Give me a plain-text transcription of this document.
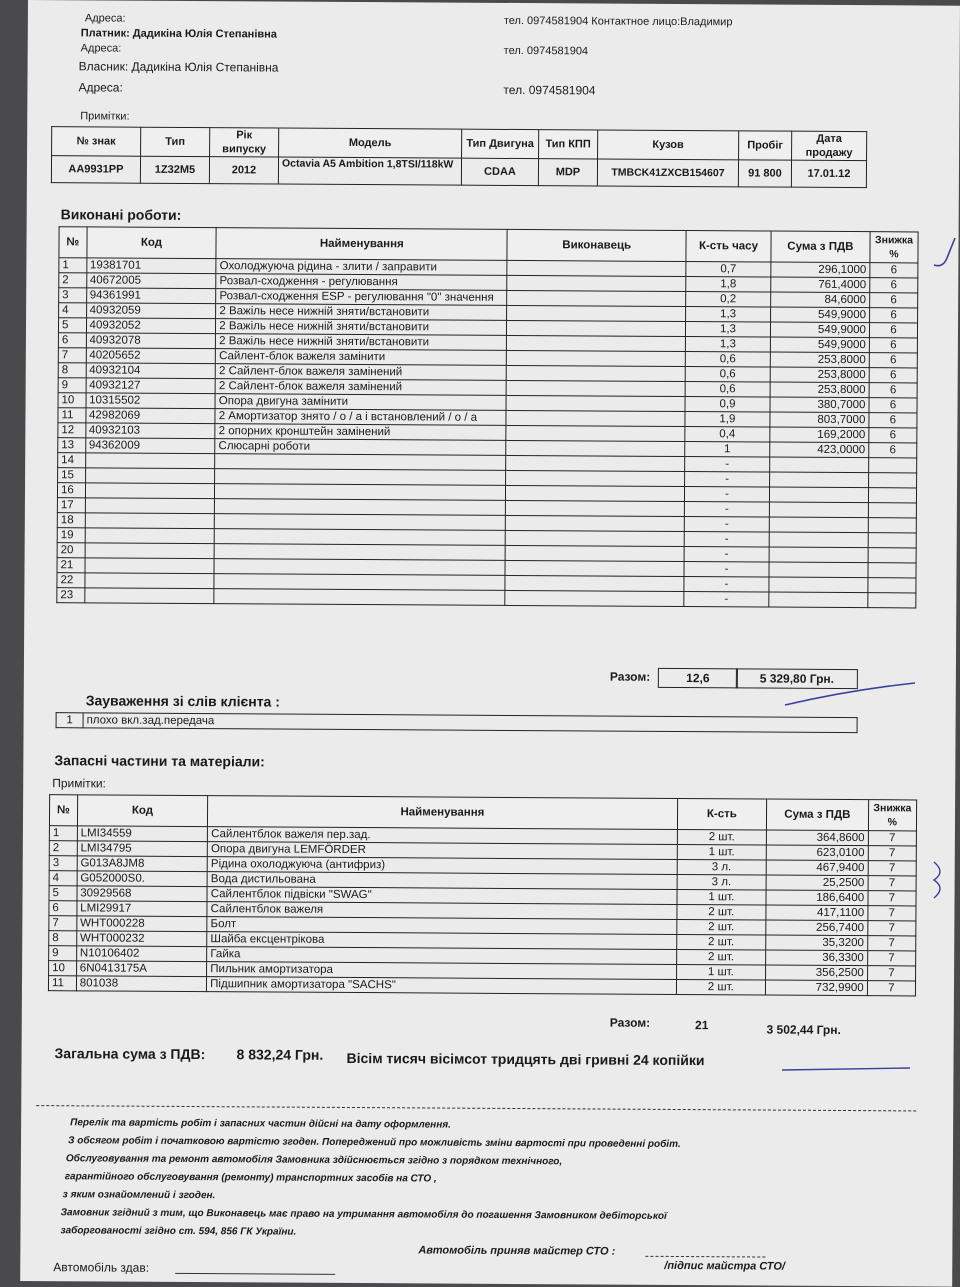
Адреса:	тел. 0974581904 Контактное лицо:Владимир
Платник: Дадикіна Юлія Степанівна
Адреса:	тел. 0974581904
Власник: Дадикіна Юлія Степанівна
Адреса:	тел. 0974581904
Примітки:
№ знак	Тип	Рік випуску	Модель	Тип Двигуна	Тип КПП	Кузов	Пробіг	Дата продажу
АА9931РР	1Z32M5	2012	Octavia A5 Ambition 1,8TSI/118kW	CDAA	MDP	TMBCK41ZXCB154607	91 800	17.01.12
Виконані роботи:
№	Код	Найменування	Виконавець	К-сть часу	Сума з ПДВ	Знижка %
1	19381701	Охолоджуюча рідина - злити / заправити		0,7	296,1000	6
2	40672005	Розвал-сходження - регулювання		1,8	761,4000	6
3	94361991	Розвал-сходження ESP - регулювання "0" значення		0,2	84,6000	6
4	40932059	2 Важіль несе нижній зняти/встановити		1,3	549,9000	6
5	40932052	2 Важіль несе нижній зняти/встановити		1,3	549,9000	6
6	40932078	2 Важіль несе нижній зняти/встановити		1,3	549,9000	6
7	40205652	Сайлент-блок важеля замінити		0,6	253,8000	6
8	40932104	2 Сайлент-блок важеля замінений		0,6	253,8000	6
9	40932127	2 Сайлент-блок важеля замінений		0,6	253,8000	6
10	10315502	Опора двигуна замінити		0,9	380,7000	6
11	42982069	2 Амортизатор знято / о / а і встановлений / о / а		1,9	803,7000	6
12	40932103	2 опорних кронштейн замінений		0,4	169,2000	6
13	94362009	Слюсарні роботи		1	423,0000	6
14				-		
15				-		
16				-		
17				-		
18				-		
19				-		
20				-		
21				-		
22				-		
23				-		
Разом:	12,6	5 329,80 Грн.
Зауваження зі слів клієнта :
1	плохо вкл.зад.передача
Запасні частини та матеріали:
Примітки:
№	Код	Найменування	К-сть	Сума з ПДВ	Знижка %
1	LMI34559	Сайлентблок важеля пер.зад.	2 шт.	364,8600	7
2	LMI34795	Опора двигуна LEMFÖRDER	1 шт.	623,0100	7
3	G013A8JM8	Рідина охолоджуюча (антифриз)	3 л.	467,9400	7
4	G052000S0.	Вода дистильована	3 л.	25,2500	7
5	30929568	Сайлентблок підвіски "SWAG"	1 шт.	186,6400	7
6	LMI29917	Сайлентблок важеля	2 шт.	417,1100	7
7	WHT000228	Болт	2 шт.	256,7400	7
8	WHT000232	Шайба ексцентрікова	2 шт.	35,3200	7
9	N10106402	Гайка	2 шт.	36,3300	7
10	6N0413175A	Пильник амортизатора	1 шт.	356,2500	7
11	801038	Підшипник амортизатора "SACHS"	2 шт.	732,9900	7
Разом:	21	3 502,44 Грн.
Загальна сума з ПДВ: 8 832,24 Грн. Вісім тисяч вісімсот тридцять дві гривні 24 копійки
Перелік та вартість робіт і запасних частин дійсні на дату оформлення.
З обсягом робіт і початковою вартістю згоден. Попереджений про можливість зміни вартості при проведенні робіт.
Обслуговування та ремонт автомобіля Замовника здійснюється згідно з порядком технічного,
гарантійного обслуговування (ремонту) транспортних засобів на СТО ,
з яким ознайомлений і згоден.
Замовник згідний з тим, що Виконавець має право на утримання автомобіля до погашення Замовником дебіторської
заборгованості згідно ст. 594, 856 ГК України.
Автомобіль приняв майстер СТО :
/підпис майстра СТО/
Автомобіль здав:
